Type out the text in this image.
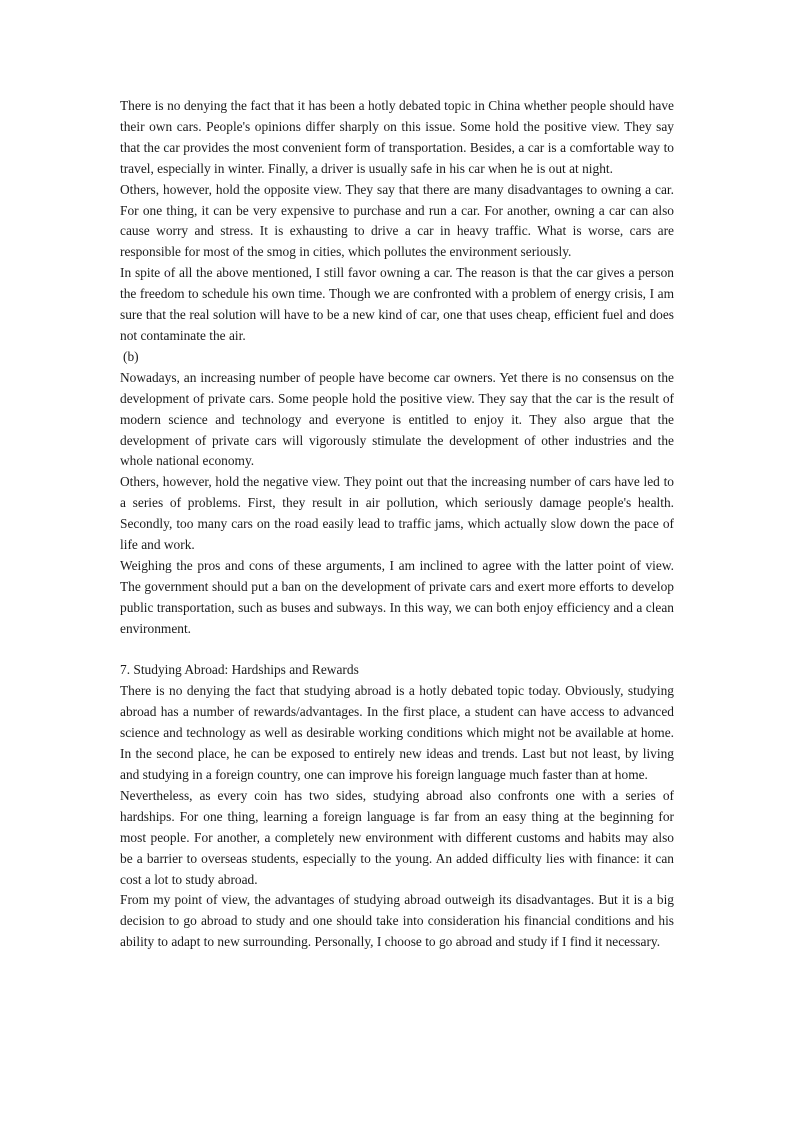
There is no denying the fact that it has been a hotly debated topic in China whether people should have their own cars. People's opinions differ sharply on this issue. Some hold the positive view. They say that the car provides the most convenient form of transportation. Besides, a car is a comfortable way to travel, especially in winter. Finally, a driver is usually safe in his car when he is out at night.

Others, however, hold the opposite view. They say that there are many disadvantages to owning a car. For one thing, it can be very expensive to purchase and run a car. For another, owning a car can also cause worry and stress. It is exhausting to drive a car in heavy traffic. What is worse, cars are responsible for most of the smog in cities, which pollutes the environment seriously.

In spite of all the above mentioned, I still favor owning a car. The reason is that the car gives a person the freedom to schedule his own time. Though we are confronted with a problem of energy crisis, I am sure that the real solution will have to be a new kind of car, one that uses cheap, efficient fuel and does not contaminate the air.

(b)

Nowadays, an increasing number of people have become car owners. Yet there is no consensus on the development of private cars. Some people hold the positive view. They say that the car is the result of modern science and technology and everyone is entitled to enjoy it. They also argue that the development of private cars will vigorously stimulate the development of other industries and the whole national economy.

Others, however, hold the negative view. They point out that the increasing number of cars have led to a series of problems. First, they result in air pollution, which seriously damage people's health. Secondly, too many cars on the road easily lead to traffic jams, which actually slow down the pace of life and work.

Weighing the pros and cons of these arguments, I am inclined to agree with the latter point of view. The government should put a ban on the development of private cars and exert more efforts to develop public transportation, such as buses and subways. In this way, we can both enjoy efficiency and a clean environment.

7. Studying Abroad: Hardships and Rewards

There is no denying the fact that studying abroad is a hotly debated topic today. Obviously, studying abroad has a number of rewards/advantages. In the first place, a student can have access to advanced science and technology as well as desirable working conditions which might not be available at home. In the second place, he can be exposed to entirely new ideas and trends. Last but not least, by living and studying in a foreign country, one can improve his foreign language much faster than at home.

Nevertheless, as every coin has two sides, studying abroad also confronts one with a series of hardships. For one thing, learning a foreign language is far from an easy thing at the beginning for most people. For another, a completely new environment with different customs and habits may also be a barrier to overseas students, especially to the young. An added difficulty lies with finance: it can cost a lot to study abroad.

From my point of view, the advantages of studying abroad outweigh its disadvantages. But it is a big decision to go abroad to study and one should take into consideration his financial conditions and his ability to adapt to new surrounding. Personally, I choose to go abroad and study if I find it necessary.
